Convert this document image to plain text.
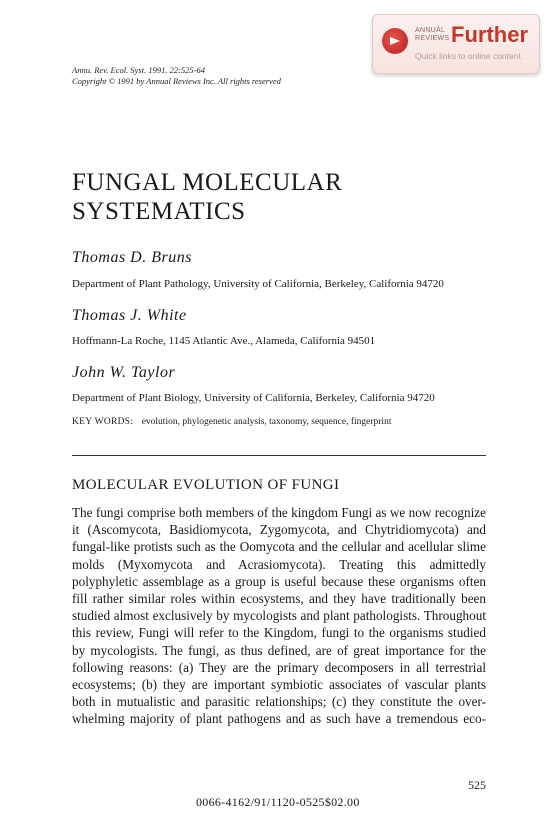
ANNUAL
REVIEWS Further
Quick links to online content
Annu. Rev. Ecol. Syst. 1991. 22:525-64
Copyright © 1991 by Annual Reviews Inc. All rights reserved
FUNGAL MOLECULAR
SYSTEMATICS
Thomas D. Bruns
Department of Plant Pathology, University of California, Berkeley, California 94720
Thomas J. White
Hoffmann-La Roche, 1145 Atlantic Ave., Alameda, California 94501
John W. Taylor
Department of Plant Biology, University of California, Berkeley, California 94720
KEY WORDS: evolution, phylogenetic analysis, taxonomy, sequence, fingerprint
MOLECULAR EVOLUTION OF FUNGI
The fungi comprise both members of the kingdom Fungi as we now recognize
it (Ascomycota, Basidiomycota, Zygomycota, and Chytridiomycota) and
fungal-like protists such as the Oomycota and the cellular and acellular slime
molds (Myxomycota and Acrasiomycota). Treating this admittedly
polyphyletic assemblage as a group is useful because these organisms often
fill rather similar roles within ecosystems, and they have traditionally been
studied almost exclusively by mycologists and plant pathologists. Throughout
this review, Fungi will refer to the Kingdom, fungi to the organisms studied
by mycologists. The fungi, as thus defined, are of great importance for the
following reasons: (a) They are the primary decomposers in all terrestrial
ecosystems; (b) they are important symbiotic associates of vascular plants
both in mutualistic and parasitic relationships; (c) they constitute the over-
whelming majority of plant pathogens and as such have a tremendous eco-
525
0066-4162/91/1120-0525$02.00
